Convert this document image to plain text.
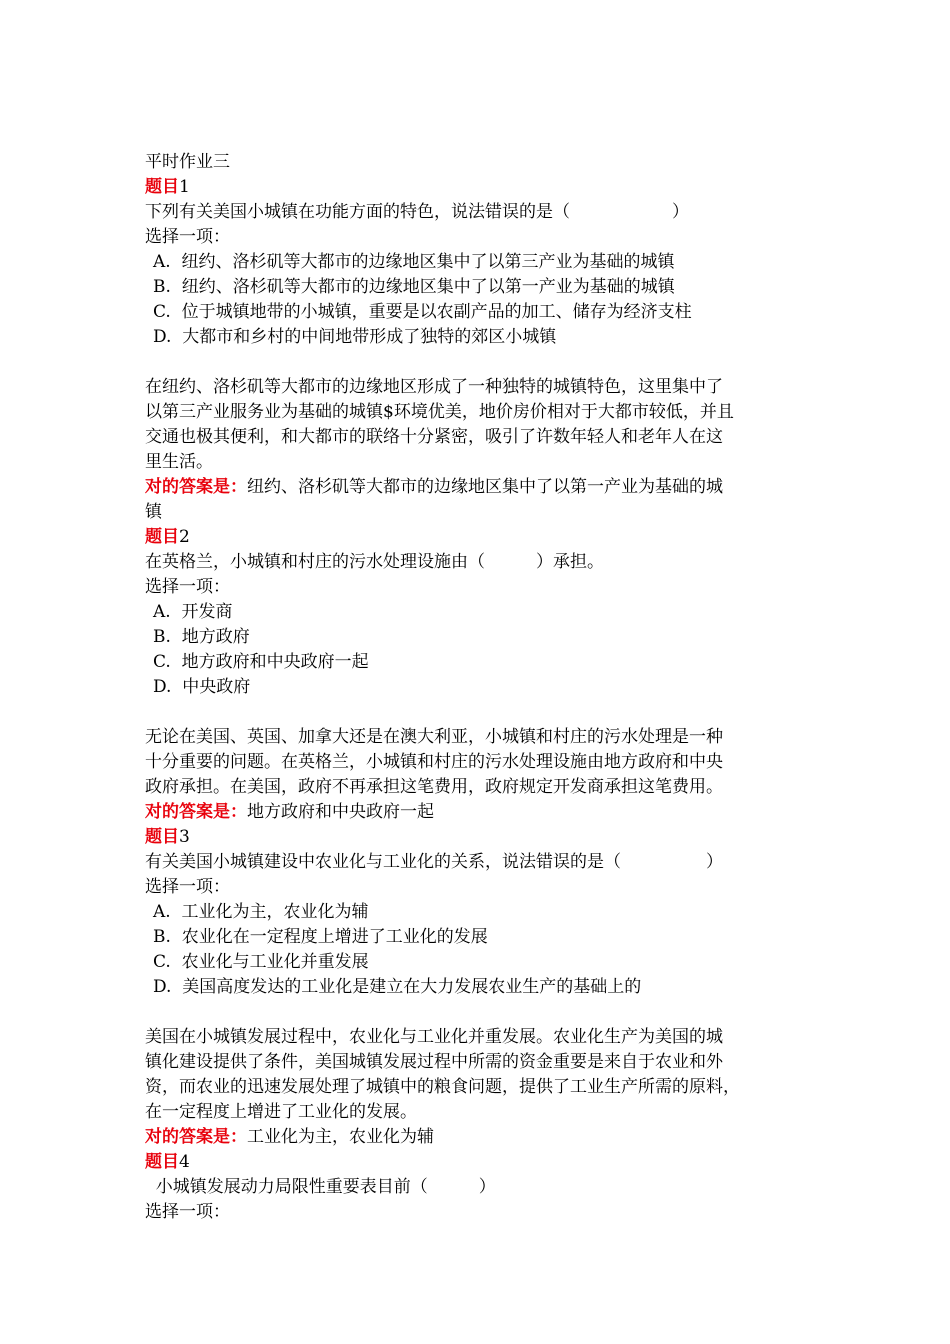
平时作业三
题目1
下列有关美国小城镇在功能方面的特色，说法错误的是（　　　　　　）
选择一项：
A.  纽约、洛杉矶等大都市的边缘地区集中了以第三产业为基础的城镇
B.  纽约、洛杉矶等大都市的边缘地区集中了以第一产业为基础的城镇
C.  位于城镇地带的小城镇，重要是以农副产品的加工、储存为经济支柱
D.  大都市和乡村的中间地带形成了独特的郊区小城镇
在纽约、洛杉矶等大都市的边缘地区形成了一种独特的城镇特色，这里集中了
以第三产业服务业为基础的城镇$环境优美，地价房价相对于大都市较低，并且
交通也极其便利，和大都市的联络十分紧密，吸引了许数年轻人和老年人在这
里生活。
对的答案是：纽约、洛杉矶等大都市的边缘地区集中了以第一产业为基础的城
镇
题目2
在英格兰，小城镇和村庄的污水处理设施由（　　　）承担。
选择一项：
A.  开发商
B.  地方政府
C.  地方政府和中央政府一起
D.  中央政府
无论在美国、英国、加拿大还是在澳大利亚，小城镇和村庄的污水处理是一种
十分重要的问题。在英格兰，小城镇和村庄的污水处理设施由地方政府和中央
政府承担。在美国，政府不再承担这笔费用，政府规定开发商承担这笔费用。
对的答案是：地方政府和中央政府一起
题目3
有关美国小城镇建设中农业化与工业化的关系，说法错误的是（　　　　　）
选择一项：
A.  工业化为主，农业化为辅
B.  农业化在一定程度上增进了工业化的发展
C.  农业化与工业化并重发展
D.  美国高度发达的工业化是建立在大力发展农业生产的基础上的
美国在小城镇发展过程中，农业化与工业化并重发展。农业化生产为美国的城
镇化建设提供了条件，美国城镇发展过程中所需的资金重要是来自于农业和外
资，而农业的迅速发展处理了城镇中的粮食问题，提供了工业生产所需的原料，
在一定程度上增进了工业化的发展。
对的答案是：工业化为主，农业化为辅
题目4
小城镇发展动力局限性重要表目前（　　　）
选择一项：
